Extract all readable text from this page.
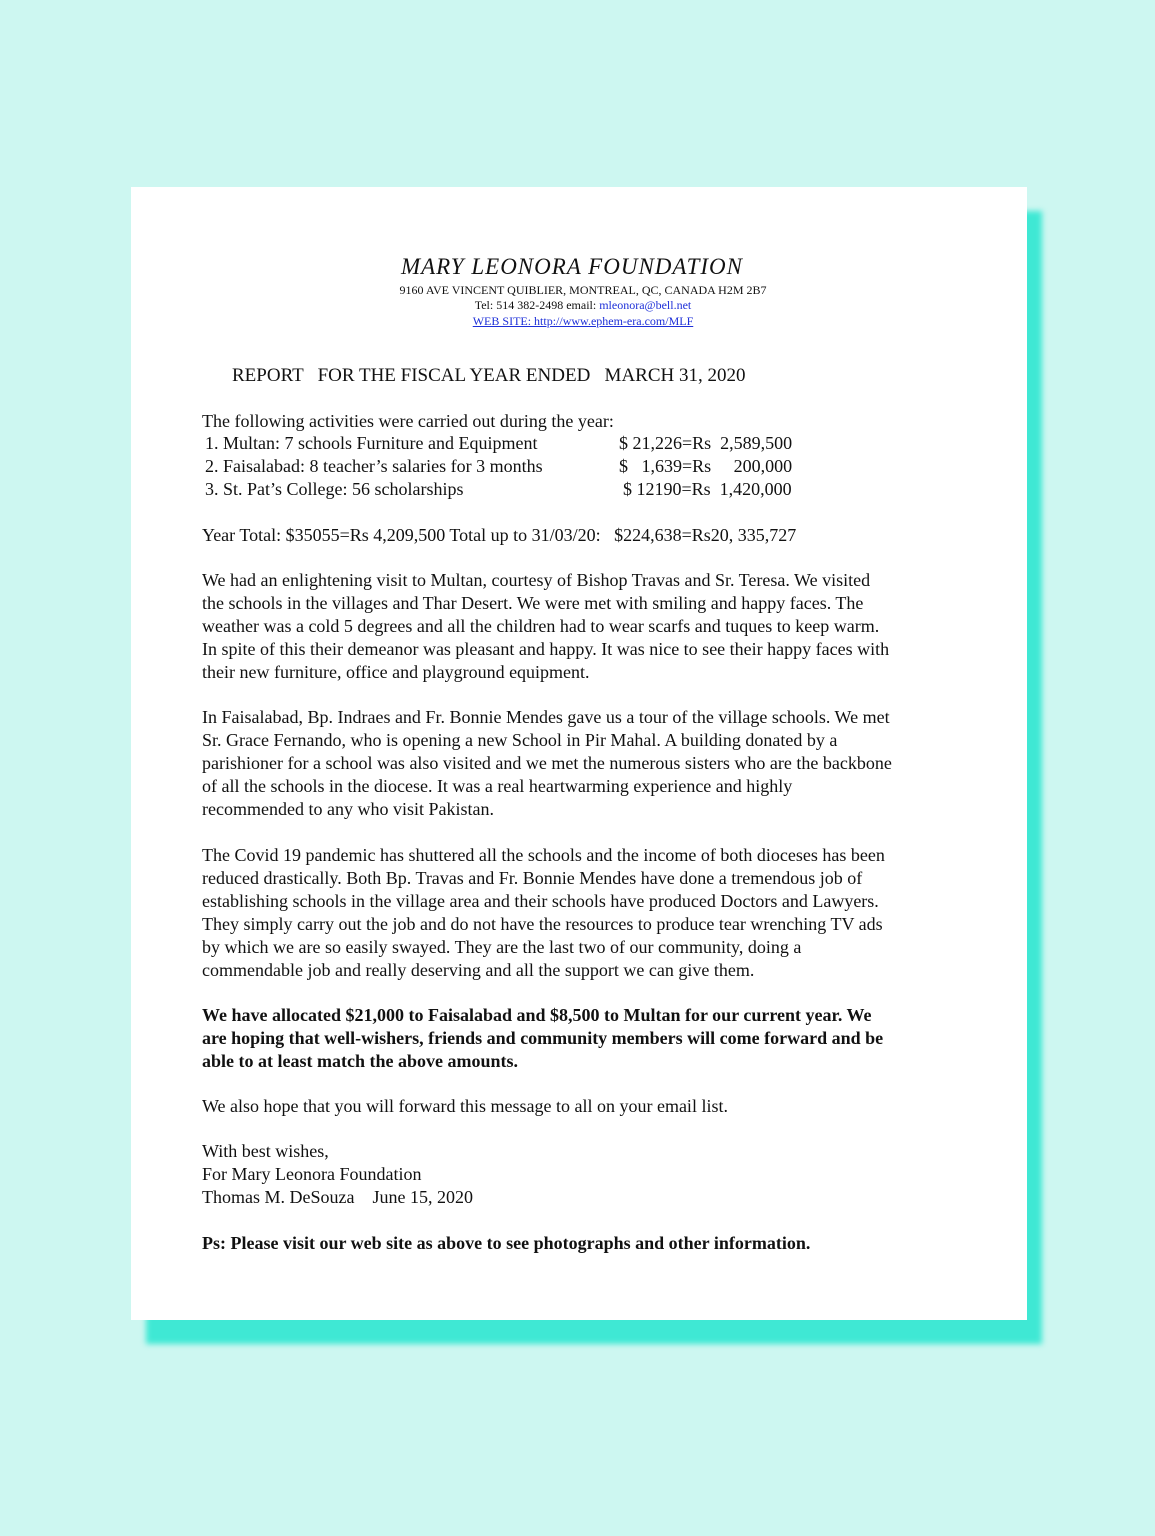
MARY LEONORA FOUNDATION
9160 AVE VINCENT QUIBLIER, MONTREAL, QC, CANADA H2M 2B7
Tel: 514 382-2498 email: mleonora@bell.net
WEB SITE: http://www.ephem-era.com/MLF
REPORT   FOR THE FISCAL YEAR ENDED   MARCH 31, 2020
The following activities were carried out during the year:
1. Multan: 7 schools Furniture and Equipment	$ 21,226=Rs  2,589,500
2. Faisalabad: 8 teacher’s salaries for 3 months	$   1,639=Rs     200,000
3. St. Pat’s College: 56 scholarships	$ 12190=Rs  1,420,000
Year Total: $35055=Rs 4,209,500 Total up to 31/03/20:   $224,638=Rs20, 335,727
We had an enlightening visit to Multan, courtesy of Bishop Travas and Sr. Teresa. We visited
the schools in the villages and Thar Desert. We were met with smiling and happy faces. The
weather was a cold 5 degrees and all the children had to wear scarfs and tuques to keep warm.
In spite of this their demeanor was pleasant and happy. It was nice to see their happy faces with
their new furniture, office and playground equipment.
In Faisalabad, Bp. Indraes and Fr. Bonnie Mendes gave us a tour of the village schools. We met
Sr. Grace Fernando, who is opening a new School in Pir Mahal. A building donated by a
parishioner for a school was also visited and we met the numerous sisters who are the backbone
of all the schools in the diocese. It was a real heartwarming experience and highly
recommended to any who visit Pakistan.
The Covid 19 pandemic has shuttered all the schools and the income of both dioceses has been
reduced drastically. Both Bp. Travas and Fr. Bonnie Mendes have done a tremendous job of
establishing schools in the village area and their schools have produced Doctors and Lawyers.
They simply carry out the job and do not have the resources to produce tear wrenching TV ads
by which we are so easily swayed. They are the last two of our community, doing a
commendable job and really deserving and all the support we can give them.
We have allocated $21,000 to Faisalabad and $8,500 to Multan for our current year. We
are hoping that well-wishers, friends and community members will come forward and be
able to at least match the above amounts.
We also hope that you will forward this message to all on your email list.
With best wishes,
For Mary Leonora Foundation
Thomas M. DeSouza    June 15, 2020
Ps: Please visit our web site as above to see photographs and other information.
